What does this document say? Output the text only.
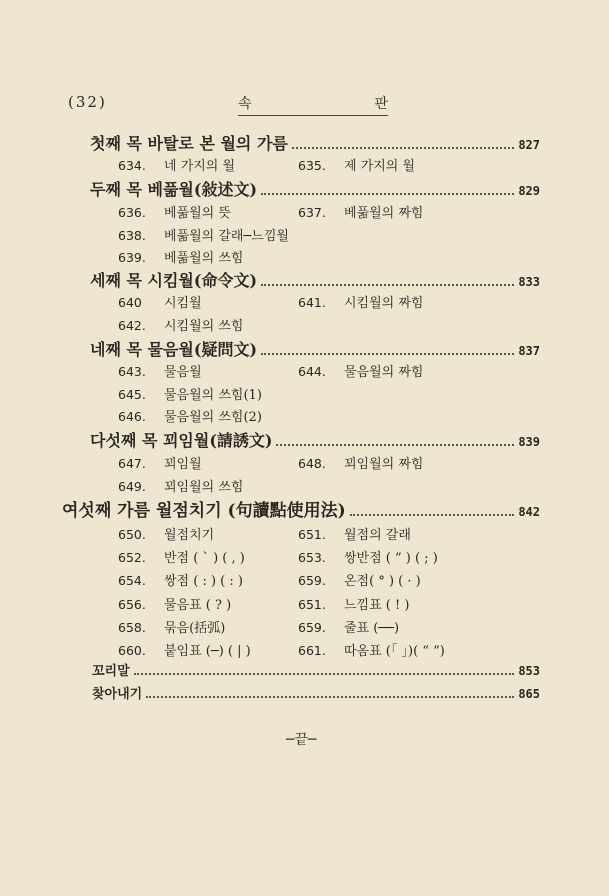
(32)	속	판
첫째 목 바탈로 본 월의 가름	827
634. 네 가지의 월	635. 제 가지의 월
두째 목 베풂월(敍述文)	829
636. 베풂월의 뜻	637. 베풂월의 짜힘
638. 베풂월의 갈래─느낌월
639. 베풂월의 쓰힘
세째 목 시킴월(命令文)	833
640 시킴월	641. 시킴월의 짜힘
642. 시킴월의 쓰힘
네째 목 물음월(疑問文)	837
643. 물음월	644. 물음월의 짜힘
645. 물음월의 쓰힘(1)
646. 물음월의 쓰힘(2)
다섯째 목 꾀임월(請誘文)	839
647. 꾀임월	648. 꾀임월의 짜힘
649. 꾀임월의 쓰힘
여섯째 가름 월점치기 (句讀點使用法)	842
650. 월점치기	651. 월점의 갈래
652. 반점 ( ` ) ( , )	653. 쌍반점 ( ” ) ( ; )
654. 쌍점 ( : ) ( : )	659. 온점( ° ) ( · )
656. 물음표 ( ? )	651. 느낌표 ( ! )
658. 묶음(括弧)	659. 줄표 (──)
660. 붙임표 (─) ( | )	661. 따옴표 (「 」)( “ ”)
꼬리말	853
찾아내기	865
─끝─
